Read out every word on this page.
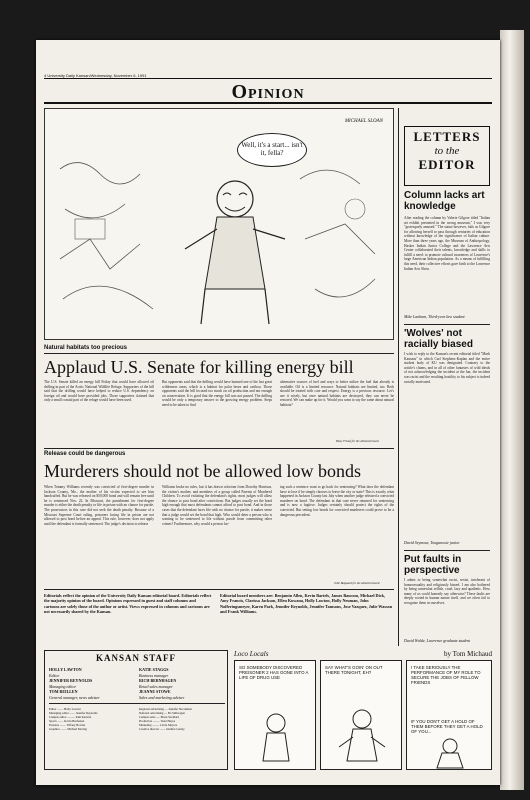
4 University Daily Kansan/Wednesday, November 6, 1991
Opinion
MICHAEL SLOAN
Well, it's a start... isn't it, fella?
Natural habitats too precious
Applaud U.S. Senate for killing energy bill
The U.S. Senate killed an energy bill Friday that would have allowed oil drilling in part of the Arctic National Wildlife Refuge. Supporters of the bill said that the drilling would have helped to reduce U.S. dependency on foreign oil and would have provided jobs. Those supporters claimed that only a small coastal part of the refuge would have been used.
But opponents said that the drilling would have harmed one of the last great wilderness areas, which is a habitat for polar bears and caribou. Those opponents said the bill focused too much on oil production and not enough on conservation. It is good that the energy bill was not passed. The drilling would be only a temporary answer to the growing energy problem. Steps need to be taken to find
alternative sources of fuel and ways to better utilize the fuel that already is available. Oil is a limited resource. Natural habitats are limited, too. Both should be treated with care and respect. Energy is a precious resource. Let's use it wisely, but once natural habitats are destroyed, they can never be restored. We can make up for it. Would you want to say the same about natural habitats?
Betsy Friauf for the editorial board
Release could be dangerous
Murderers should not be allowed low bonds
When Tommy Williams recently was convicted of first-degree murder in Jackson County, Mo., the mother of his victim expected to see him handcuffed. But he was released on $50,000 bond and will remain free until he is sentenced Nov. 22. In Missouri, the punishment for first-degree murder is either the death penalty or life in prison with no chance for parole. The prosecutors in this case did not seek the death penalty. Because of a Missouri Supreme Court ruling, prisoners facing life in prison are not allowed to post bond before an appeal. This rule, however, does not apply until the defendant is formally sentenced. The judge's decision to release
Williams broke no rules, but it has drawn criticism from Dorothy Harrison, the victim's mother, and members of a group called Parents of Murdered Children. To avoid violating the defendant's rights, most judges will allow the chance to post bond after convictions. But judges usually set the bond high enough that most defendants cannot afford to post bond. And in those cases that the defendant faces life with no chance for parole, it makes sense that a judge would set the bond that high. Who would deter a person who is wanting to be sentenced to life without parole from committing other crimes? Furthermore, why would a person fac-
ing such a sentence want to go back for sentencing? What does the defendant have to lose if he simply chooses to leave the city or state? This is exactly what happened in Jackson County last July when another judge released a convicted murderer on bond. The defendant in that case never returned for sentencing and is now a fugitive. Judges certainly should protect the rights of the convicted. But setting low bonds for convicted murderers could prove to be a dangerous precedent.
Julie Balgaard for the editorial board
Editorials reflect the opinion of the University Daily Kansan editorial board. Editorials reflect the majority opinion of the board. Opinions expressed in guest and staff columns and cartoons are solely those of the author or artist. Views expressed in columns and cartoons are not necessarily shared by the Kansan.
Editorial board members are: Benjamin Allen, Kevin Bartels, James Baucom, Michael Dick, Amy Francis, Clarissa Jackson, Ellen Kuwana, Holly Lawton, Holly Neuman, John Nofferingsmeyer, Karen Park, Jennifer Reynolds, Jennifer Tamsons, Jose Vazquez, Julie Wasson and Frank Williams.
LETTERS
to the
EDITOR
Column lacks art knowledge
After reading the column by Valerie Gilgore titled "Italian art exhibit presented in the wrong museum," I was very "grotesquely amused." The statue however, fails as Gilgore for allowing herself to pass through centuries of education without knowledge of the significance of Italian culture. More than three years ago, the Museum of Anthropology, Hasker Indian Junior College and the Lawrence Arts Center collaborated their talents, knowledge and skills to fulfill a need: to promote cultural awareness of Lawrence's large American Indian population. As a means of fulfilling this need, their collective efforts gave birth to the Lawrence Indian Arts Show.
Mike Lanham, Third-year law student
'Wolves' not racially biased
I wish to reply to the Kansan's recent editorial titled "Mark Kansans" in which Carl Stephens-Kaplan and the entire student body of KU was denigrated. Contrary to the article's claims, and in all of other fantasies of wild ideals of not acknowledging the incident at the bar, the incident was racist and the resulting hostility to his subject is indeed racially motivated.
David Seymour, Tonganoxie junior
Put faults in perspective
I admit to being somewhat racist, sexist, intolerant of homosexuality and religiously biased. I am also bothered by being somewhat selfish, cruel, lazy and apathetic. How many of us could honestly say otherwise? These faults are deeply rooted in human nature itself, and we often fail to recognize them in ourselves.
David Walde, Lawrence graduate student
KANSAN STAFF
HOLLY LAWTON
Editor
JENNIFER REYNOLDS
Managing editor
TOM REILLEN
General manager, news adviser
KATIE STAGGS
Business manager
RICH BERNHAGEN
Retail sales manager
JEANNE STOWE
Sales and marketing adviser
Editor ........ Holly Lawton
Managing editor ....... Jennifer Reynolds
Campus editor .......... Kim Karnatz
Sports ........ Kevin Buchanan
Features ........ Tiffany Bowles
Graphics ........ Michael Moring
Regional advertising .... Jennifer Sirockman
National advertising .... Bo Stillwagen
Campus sales ..... Brian Stoddard
Production ......... Trent Hayes
Marketing ......... Carrie Meyers
Creative director ....... Jennifer Gurley
Loco Locals	by Tom Michaud
SO SOMEBODY DISCOVERED PREISONER 2 HAS GONE INTO A LIFE OF DRUG USE
SAY WHAT'S GOIN' ON OUT THERE TONIGHT, EH?
I TAKE SERIOUSLY THE PERFORMANCE OF MY ROLE TO SECURE THE JOBS OF FELLOW FRIENDS
IF YOU DON'T GET A HOLD OF THEM BEFORE THEY GET A HOLD OF YOU...
